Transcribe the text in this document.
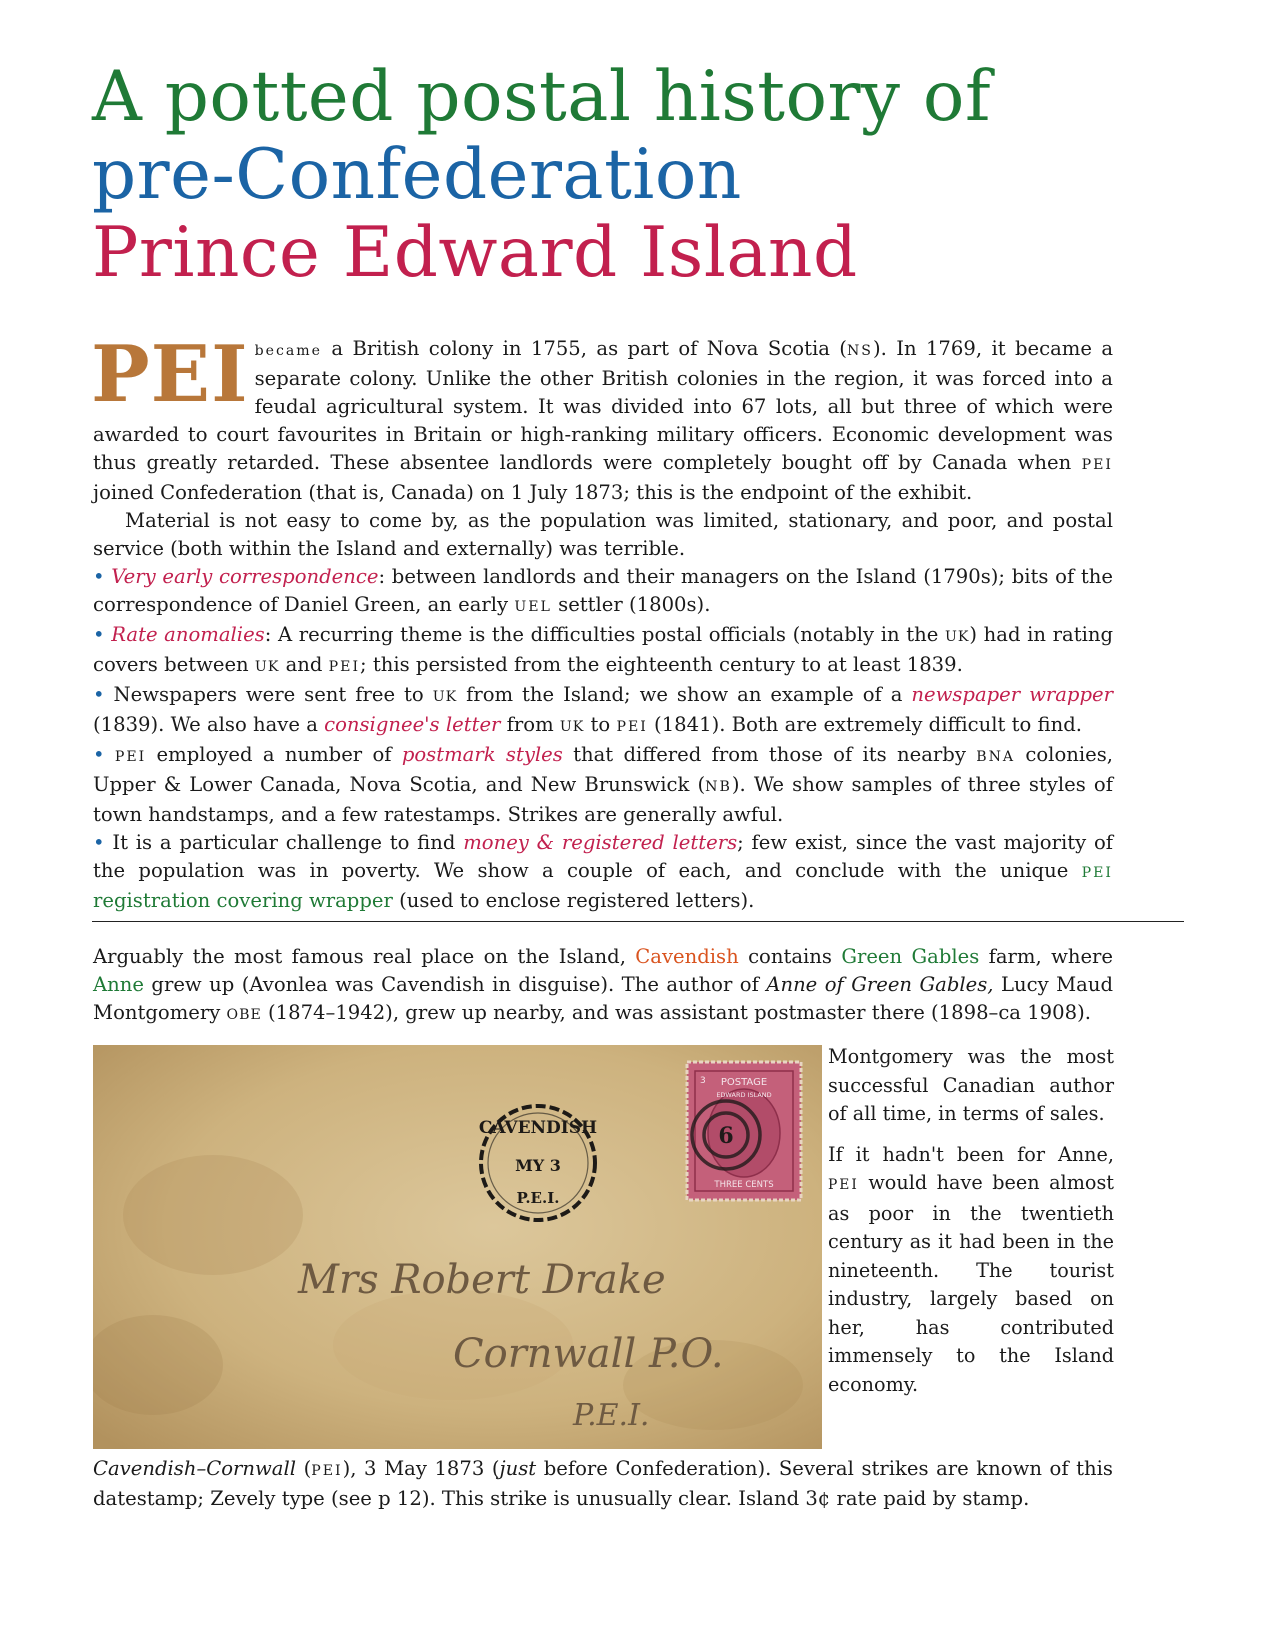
A potted postal history of
pre-Confederation
Prince Edward Island

PEI became a British colony in 1755, as part of Nova Scotia (NS). In 1769, it became a separate colony. Unlike the other British colonies in the region, it was forced into a feudal agricultural system. It was divided into 67 lots, all but three of which were awarded to court favourites in Britain or high-ranking military officers. Economic development was thus greatly retarded. These absentee landlords were completely bought off by Canada when PEI joined Confederation (that is, Canada) on 1 July 1873; this is the endpoint of the exhibit.

Material is not easy to come by, as the population was limited, stationary, and poor, and postal service (both within the Island and externally) was terrible.

• Very early correspondence: between landlords and their managers on the Island (1790s); bits of the correspondence of Daniel Green, an early UEL settler (1800s).

• Rate anomalies: A recurring theme is the difficulties postal officials (notably in the UK) had in rating covers between UK and PEI; this persisted from the eighteenth century to at least 1839.

• Newspapers were sent free to UK from the Island; we show an example of a newspaper wrapper (1839). We also have a consignee's letter from UK to PEI (1841). Both are extremely difficult to find.

• PEI employed a number of postmark styles that differed from those of its nearby BNA colonies, Upper & Lower Canada, Nova Scotia, and New Brunswick (NB). We show samples of three styles of town handstamps, and a few ratestamps. Strikes are generally awful.

• It is a particular challenge to find money & registered letters; few exist, since the vast majority of the population was in poverty. We show a couple of each, and conclude with the unique PEI registration covering wrapper (used to enclose registered letters).

Arguably the most famous real place on the Island, Cavendish contains Green Gables farm, where Anne grew up (Avonlea was Cavendish in disguise). The author of Anne of Green Gables, Lucy Maud Montgomery OBE (1874–1942), grew up nearby, and was assistant postmaster there (1898–ca 1908).

CAVENDISH
MY 3
P.E.I.
POSTAGE
EDWARD ISLAND
3
THREE CENTS
6
Mrs Robert Drake
Cornwall P.O.
P.E.I.

Montgomery was the most successful Canadian author of all time, in terms of sales.

If it hadn't been for Anne, PEI would have been almost as poor in the twentieth century as it had been in the nineteenth. The tourist industry, largely based on her, has contributed immensely to the Island economy.

Cavendish–Cornwall (PEI), 3 May 1873 (just before Confederation). Several strikes are known of this datestamp; Zevely type (see p 12). This strike is unusually clear. Island 3¢ rate paid by stamp.
